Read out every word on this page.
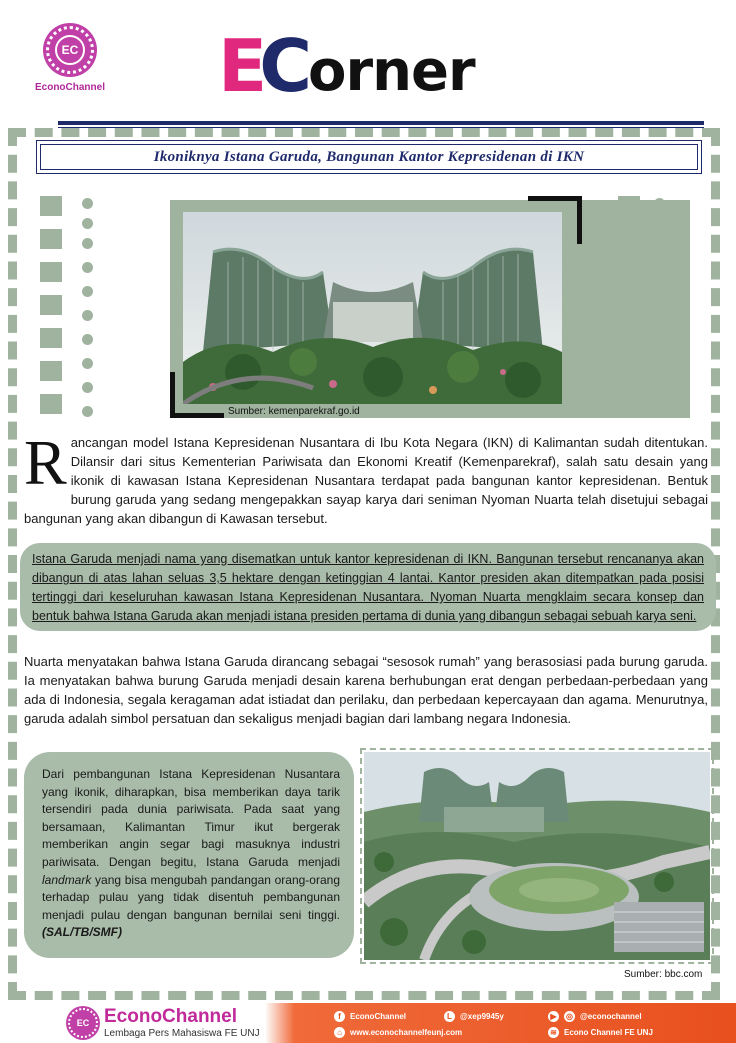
EC
EconoChannel E
C
orner
Ikoniknya Istana Garuda, Bangunan Kantor Kepresidenan di IKN
Sumber: kemenparekraf.go.id
Rancangan model Istana Kepresidenan Nusantara di Ibu Kota Negara (IKN) di Kalimantan sudah ditentukan. Dilansir dari situs Kementerian Pariwisata dan Ekonomi Kreatif (Kemenparekraf), salah satu desain yang ikonik di kawasan Istana Kepresidenan Nusantara terdapat pada bangunan kantor kepresidenan. Bentuk burung garuda yang sedang mengepakkan sayap karya dari seniman Nyoman Nuarta telah disetujui sebagai bangunan yang akan dibangun di Kawasan tersebut.

Istana Garuda menjadi nama yang disematkan untuk kantor kepresidenan di IKN. Bangunan tersebut rencananya akan dibangun di atas lahan seluas 3,5 hektare dengan ketinggian 4 lantai. Kantor presiden akan ditempatkan pada posisi tertinggi dari keseluruhan kawasan Istana Kepresidenan Nusantara. Nyoman Nuarta mengklaim secara konsep dan bentuk bahwa Istana Garuda akan menjadi istana presiden pertama di dunia yang dibangun sebagai sebuah karya seni.

Nuarta menyatakan bahwa Istana Garuda dirancang sebagai “sesosok rumah” yang berasosiasi pada burung garuda. Ia menyatakan bahwa burung Garuda menjadi desain karena berhubungan erat dengan perbedaan-perbedaan yang ada di Indonesia, segala keragaman adat istiadat dan perilaku, dan perbedaan kepercayaan dan agama. Menurutnya, garuda adalah simbol persatuan dan sekaligus menjadi bagian dari lambang negara Indonesia.

Dari pembangunan Istana Kepresidenan Nusantara yang ikonik, diharapkan, bisa memberikan daya tarik tersendiri pada dunia pariwisata. Pada saat yang bersamaan, Kalimantan Timur ikut bergerak memberikan angin segar bagi masuknya industri pariwisata. Dengan begitu, Istana Garuda menjadi landmark yang bisa mengubah pandangan orang-orang terhadap pulau yang tidak disentuh pembangunan menjadi pulau dengan bangunan bernilai seni tinggi. (SAL/TB/SMF)

Sumber: bbc.com
EC EconoChannel
Lembaga Pers Mahasiswa FE UNJ
f	EconoChannel	L	@xep9945y	▶	◎ @econochannel
⌂	www.econochannelfeunj.com	≋ Econo Channel FE UNJ
